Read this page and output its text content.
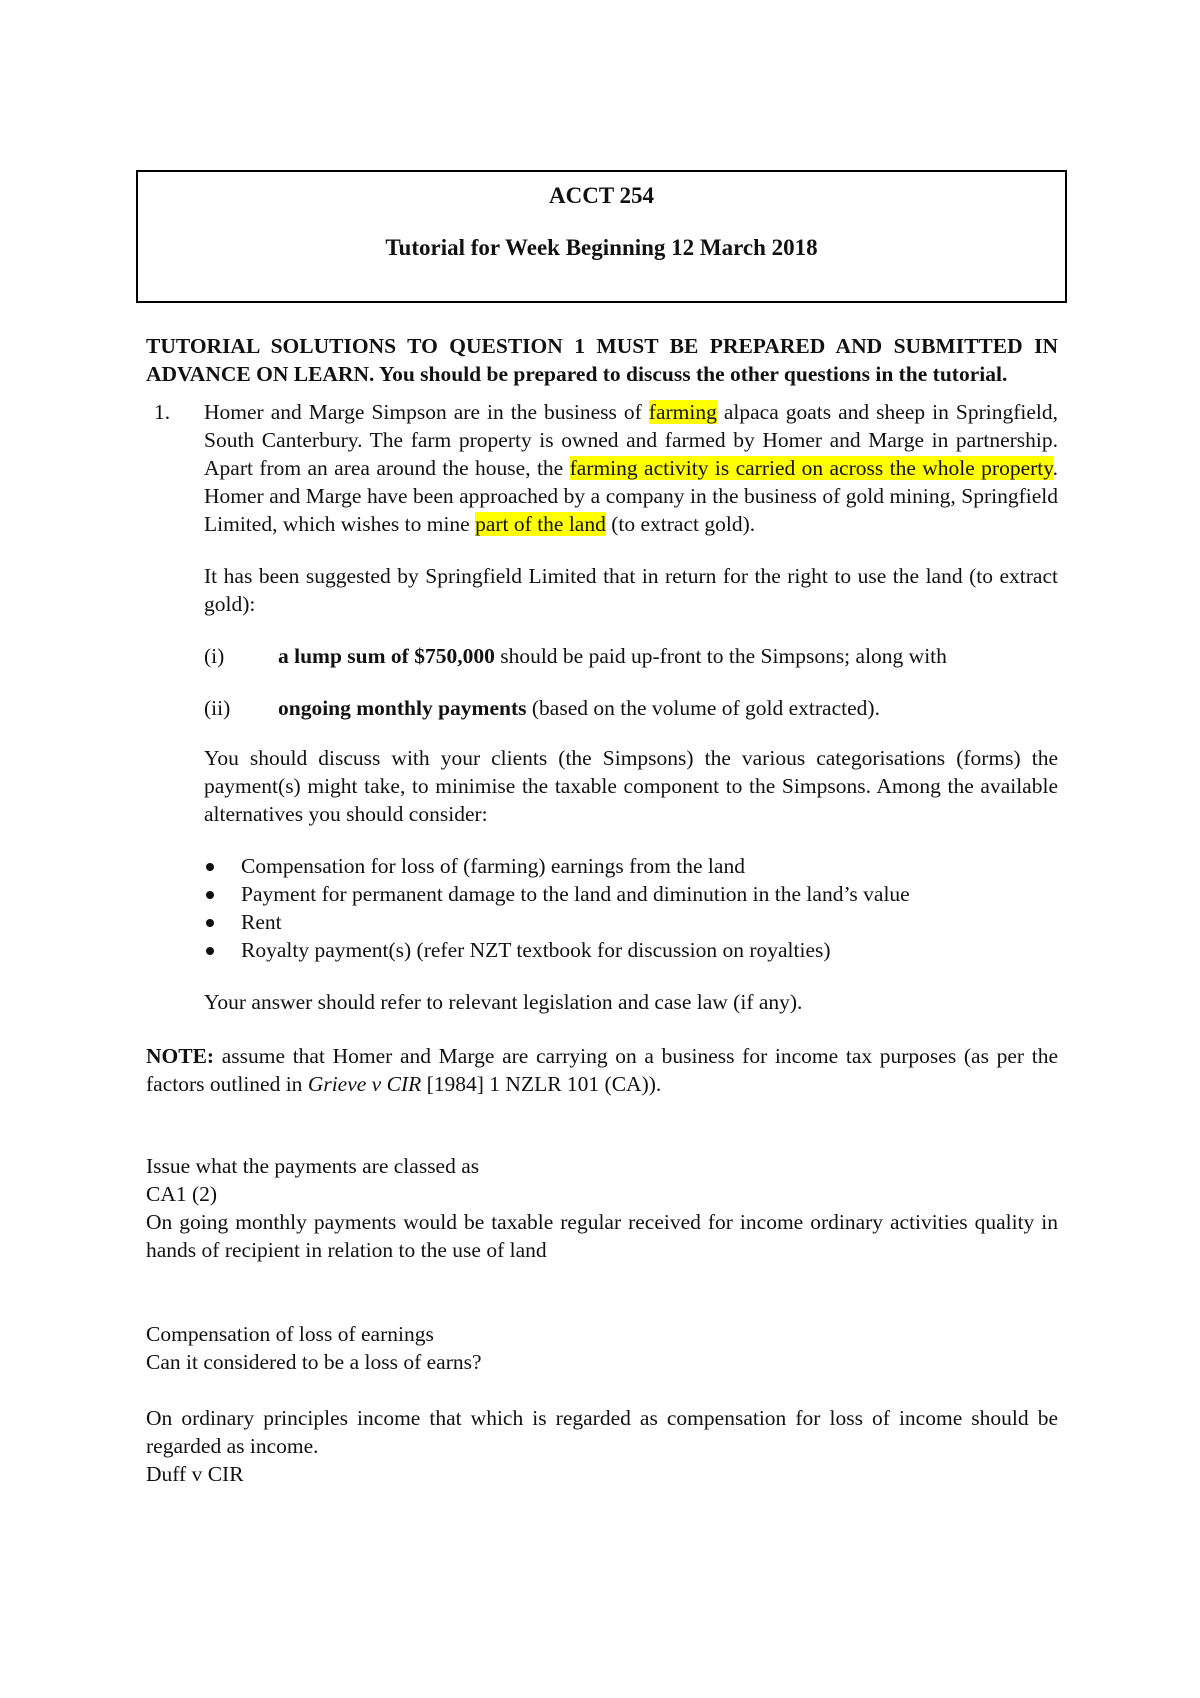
ACCT 254
Tutorial for Week Beginning 12 March 2018

TUTORIAL SOLUTIONS TO QUESTION 1 MUST BE PREPARED AND SUBMITTED IN ADVANCE ON LEARN. You should be prepared to discuss the other questions in the tutorial.

1. Homer and Marge Simpson are in the business of farming alpaca goats and sheep in Springfield, South Canterbury. The farm property is owned and farmed by Homer and Marge in partnership. Apart from an area around the house, the farming activity is carried on across the whole property. Homer and Marge have been approached by a company in the business of gold mining, Springfield Limited, which wishes to mine part of the land (to extract gold).

It has been suggested by Springfield Limited that in return for the right to use the land (to extract gold):

(i) a lump sum of $750,000 should be paid up-front to the Simpsons; along with
(ii) ongoing monthly payments (based on the volume of gold extracted).

You should discuss with your clients (the Simpsons) the various categorisations (forms) the payment(s) might take, to minimise the taxable component to the Simpsons. Among the available alternatives you should consider:

Compensation for loss of (farming) earnings from the land
Payment for permanent damage to the land and diminution in the land’s value
Rent
Royalty payment(s) (refer NZT textbook for discussion on royalties)

Your answer should refer to relevant legislation and case law (if any).

NOTE: assume that Homer and Marge are carrying on a business for income tax purposes (as per the factors outlined in Grieve v CIR [1984] 1 NZLR 101 (CA)).

Issue what the payments are classed as

CA1 (2)

On going monthly payments would be taxable regular received for income ordinary activities quality in hands of recipient in relation to the use of land

Compensation of loss of earnings

Can it considered to be a loss of earns?

On ordinary principles income that which is regarded as compensation for loss of income should be regarded as income.

Duff v CIR
